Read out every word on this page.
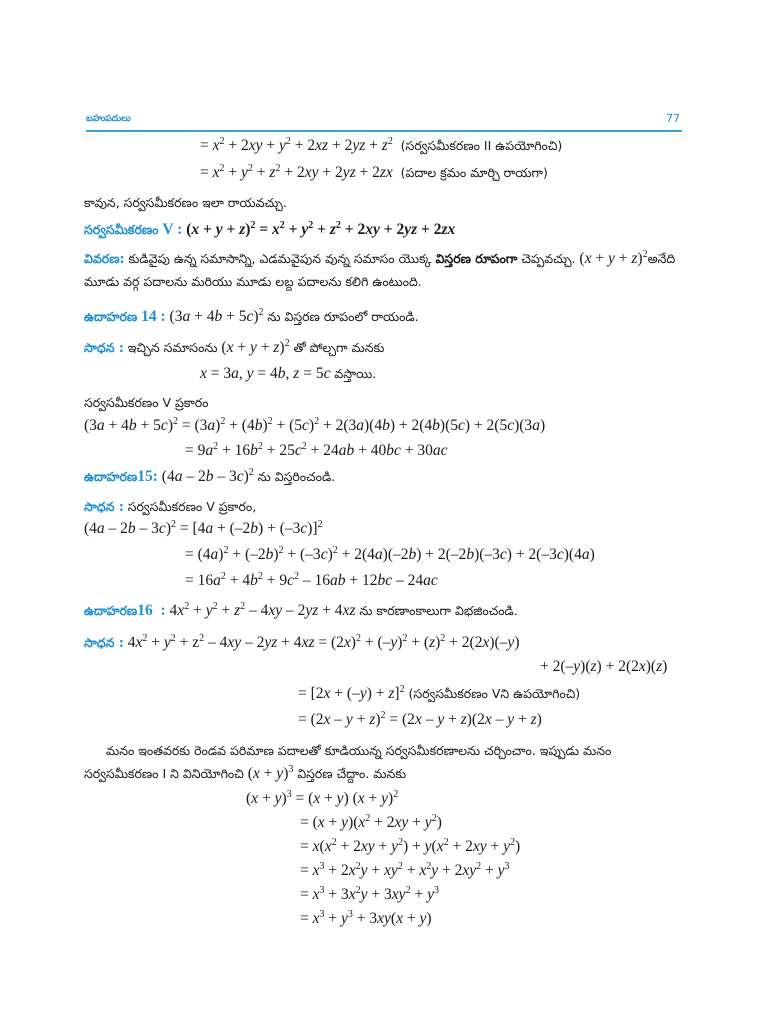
బహుపదులు	77
= $x^2 + 2xy + y^2 + 2xz + 2yz + z^2$ (సర్వసమీకరణం II ఉపయోగించి)
= $x^2 + y^2 + z^2 + 2xy + 2yz + 2zx$ (పదాల క్రమం మార్చి రాయగా)
కావున, సర్వసమీకరణం ఇలా రాయవచ్చు.
సర్వసమీకరణం V : $(x + y + z)^2 = x^2 + y^2 + z^2 + 2xy + 2yz + 2zx$
వివరణ: కుడివైపు ఉన్న సమాసాన్ని, ఎడమవైపున వున్న సమాసం యొక్క విస్తరణ రూపంగా చెప్పవచ్చు. $(x + y + z)^2అనేది$
మూడు వర్గ పదాలను మరియు మూడు లబ్ద పదాలను కలిగి ఉంటుంది.
ఉదాహరణ 14 : $(3a + 4b + 5c)^2$ ను విస్తరణ రూపంలో రాయండి.
సాధన : ఇచ్చిన సమాసంను $(x + y + z)^2$ తో పోల్చగా మనకు
x = 3a, y = 4b, z = 5c వస్తాయి.
సర్వసమీకరణం V ప్రకారం
$(3a + 4b + 5c)^2 = (3a)^2 + (4b)^2 + (5c)^2 + 2(3a)(4b) + 2(4b)(5c) + 2(5c)(3a)$
= $9a^2 + 16b^2 + 25c^2 + 24ab + 40bc + 30ac$
ఉదాహరణ15: (4a – 2b – 3c)$^2$ ను విస్తరించండి.
సాధన : సర్వసమీకరణం V ప్రకారం,
$(4a - 2b - 3c)^2 = [4a + (-2b) + (-3c)]^2$
= $(4a)^2 + (-2b)^2 + (-3c)^2 + 2(4a)(-2b) + 2(-2b)(-3c) + 2(-3c)(4a)$
= $16a^2 + 4b^2 + 9c^2 - 16ab + 12bc - 24ac$
ఉదాహరణ16  : $4x^2 + y^2 + z^2 - 4xy - 2yz + 4xz$ ను కారణాంకాలుగా విభజించండి.
సాధన : $4x^2 + y^2 + z^2 - 4xy - 2yz + 4xz = (2x)^2 + (-y)^2 + (z)^2 + 2(2x)(-y)$
+ 2(–y)(z) + 2(2x)(z)
= $[2x + (-y) + z]^2$ (సర్వసమీకరణం Vని ఉపయోగించి)
= $(2x - y + z)^2 = (2x - y + z)(2x - y + z)$
మనం ఇంతవరకు రెండవ పరిమాణ పదాలతో కూడియున్న సర్వసమీకరణాలను చర్చించాం. ఇప్పుడు మనం
సర్వసమీకరణం I ని వినియోగించి $(x + y)^3$ విస్తరణ చేద్దాం. మనకు
$(x + y)^3 = (x + y)$ $(x + y)^2$
= $(x + y)(x^2 + 2xy + y^2)$
= $x(x^2 + 2xy + y^2) + y(x^2 + 2xy + y^2)$
= $x^3 + 2x^2y + xy^2 + x^2y + 2xy^2 + y^3$
= $x^3 + 3x^2y + 3xy^2 + y^3$
= $x^3 + y^3 + 3xy(x + y)$
